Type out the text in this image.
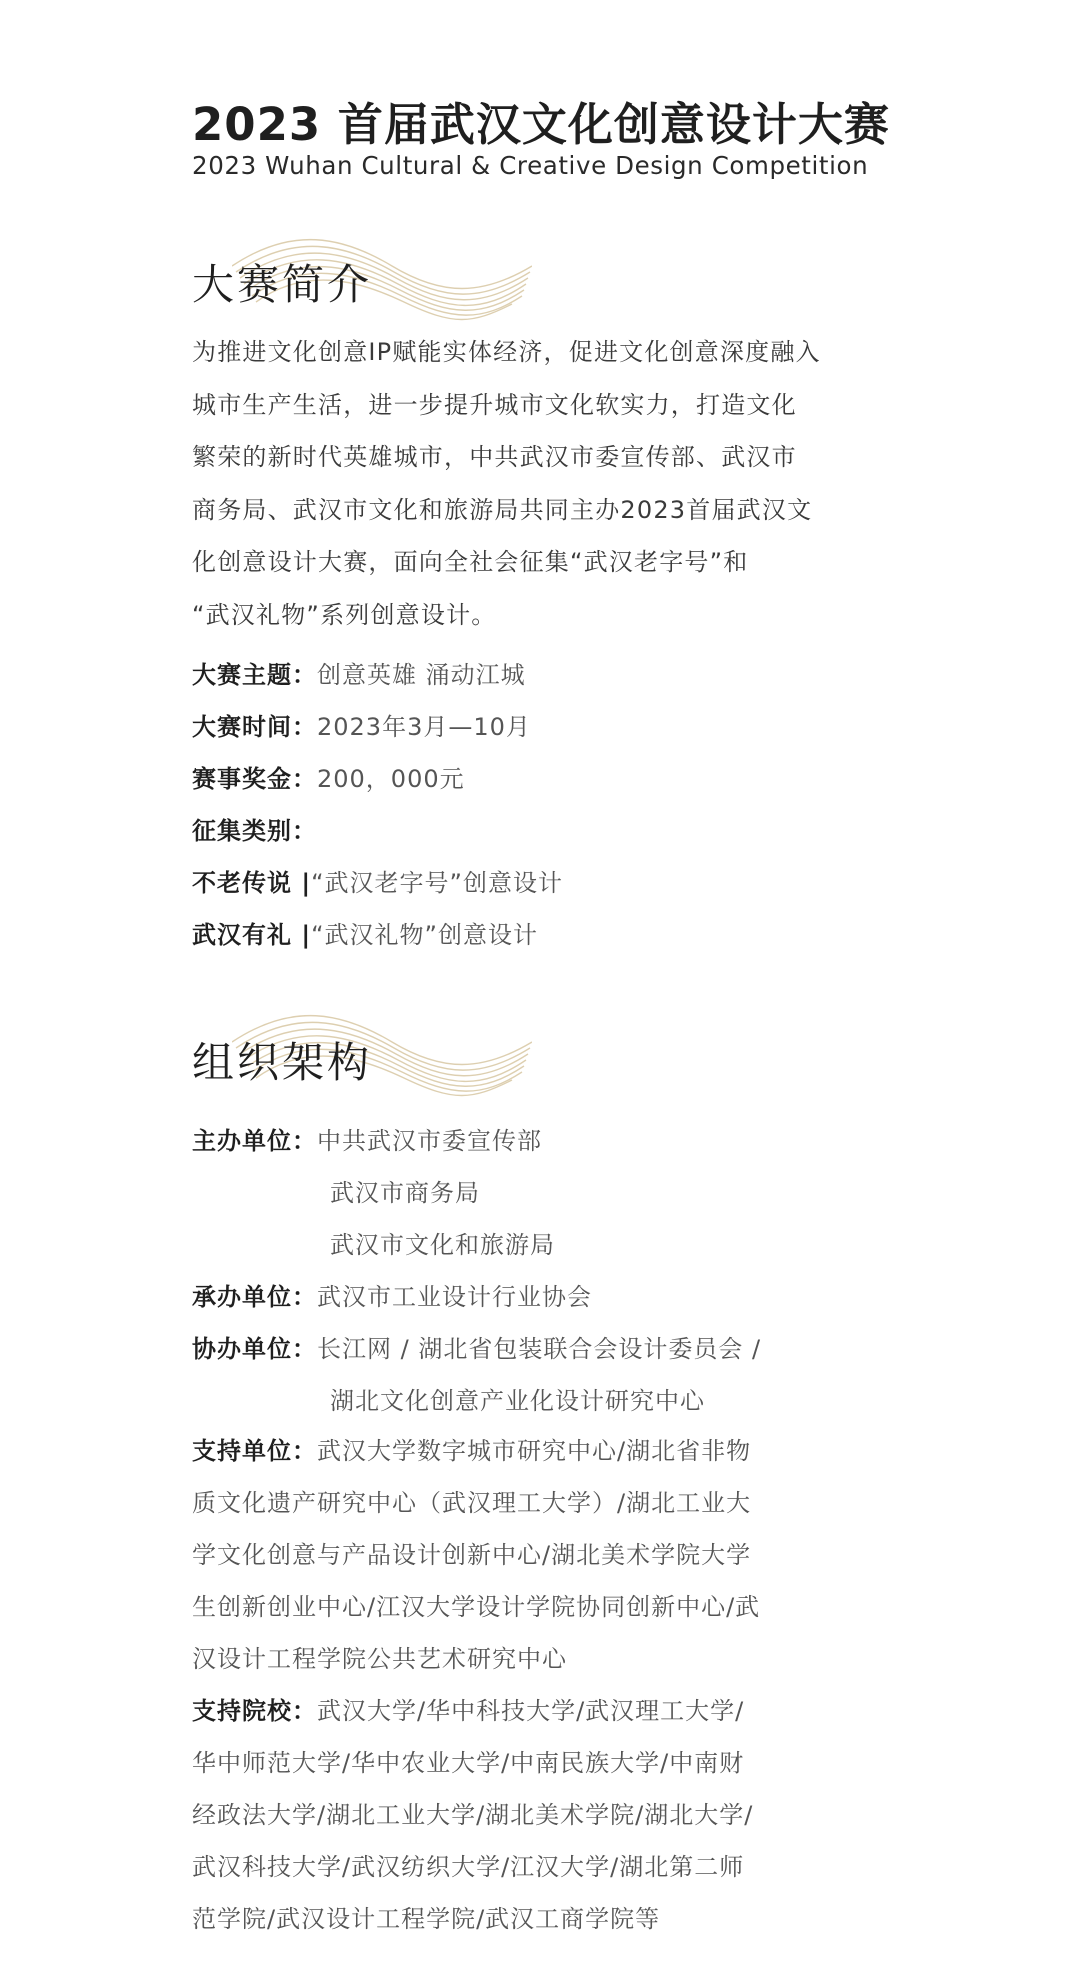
2023 首届武汉文化创意设计大赛
2023 Wuhan Cultural & Creative Design Competition
大赛简介
为推进文化创意IP赋能实体经济，促进文化创意深度融入
城市生产生活，进一步提升城市文化软实力，打造文化
繁荣的新时代英雄城市，中共武汉市委宣传部、武汉市
商务局、武汉市文化和旅游局共同主办2023首届武汉文
化创意设计大赛，面向全社会征集“武汉老字号”和
“武汉礼物”系列创意设计。
大赛主题：创意英雄 涌动江城
大赛时间：2023年3月—10月
赛事奖金：200，000元
征集类别：
不老传说 |“武汉老字号”创意设计
武汉有礼 |“武汉礼物”创意设计
组织架构
主办单位：中共武汉市委宣传部
武汉市商务局
武汉市文化和旅游局
承办单位：武汉市工业设计行业协会
协办单位：长江网 / 湖北省包装联合会设计委员会 /
湖北文化创意产业化设计研究中心
支持单位：武汉大学数字城市研究中心/湖北省非物
质文化遗产研究中心（武汉理工大学）/湖北工业大
学文化创意与产品设计创新中心/湖北美术学院大学
生创新创业中心/江汉大学设计学院协同创新中心/武
汉设计工程学院公共艺术研究中心
支持院校：武汉大学/华中科技大学/武汉理工大学/
华中师范大学/华中农业大学/中南民族大学/中南财
经政法大学/湖北工业大学/湖北美术学院/湖北大学/
武汉科技大学/武汉纺织大学/江汉大学/湖北第二师
范学院/武汉设计工程学院/武汉工商学院等
